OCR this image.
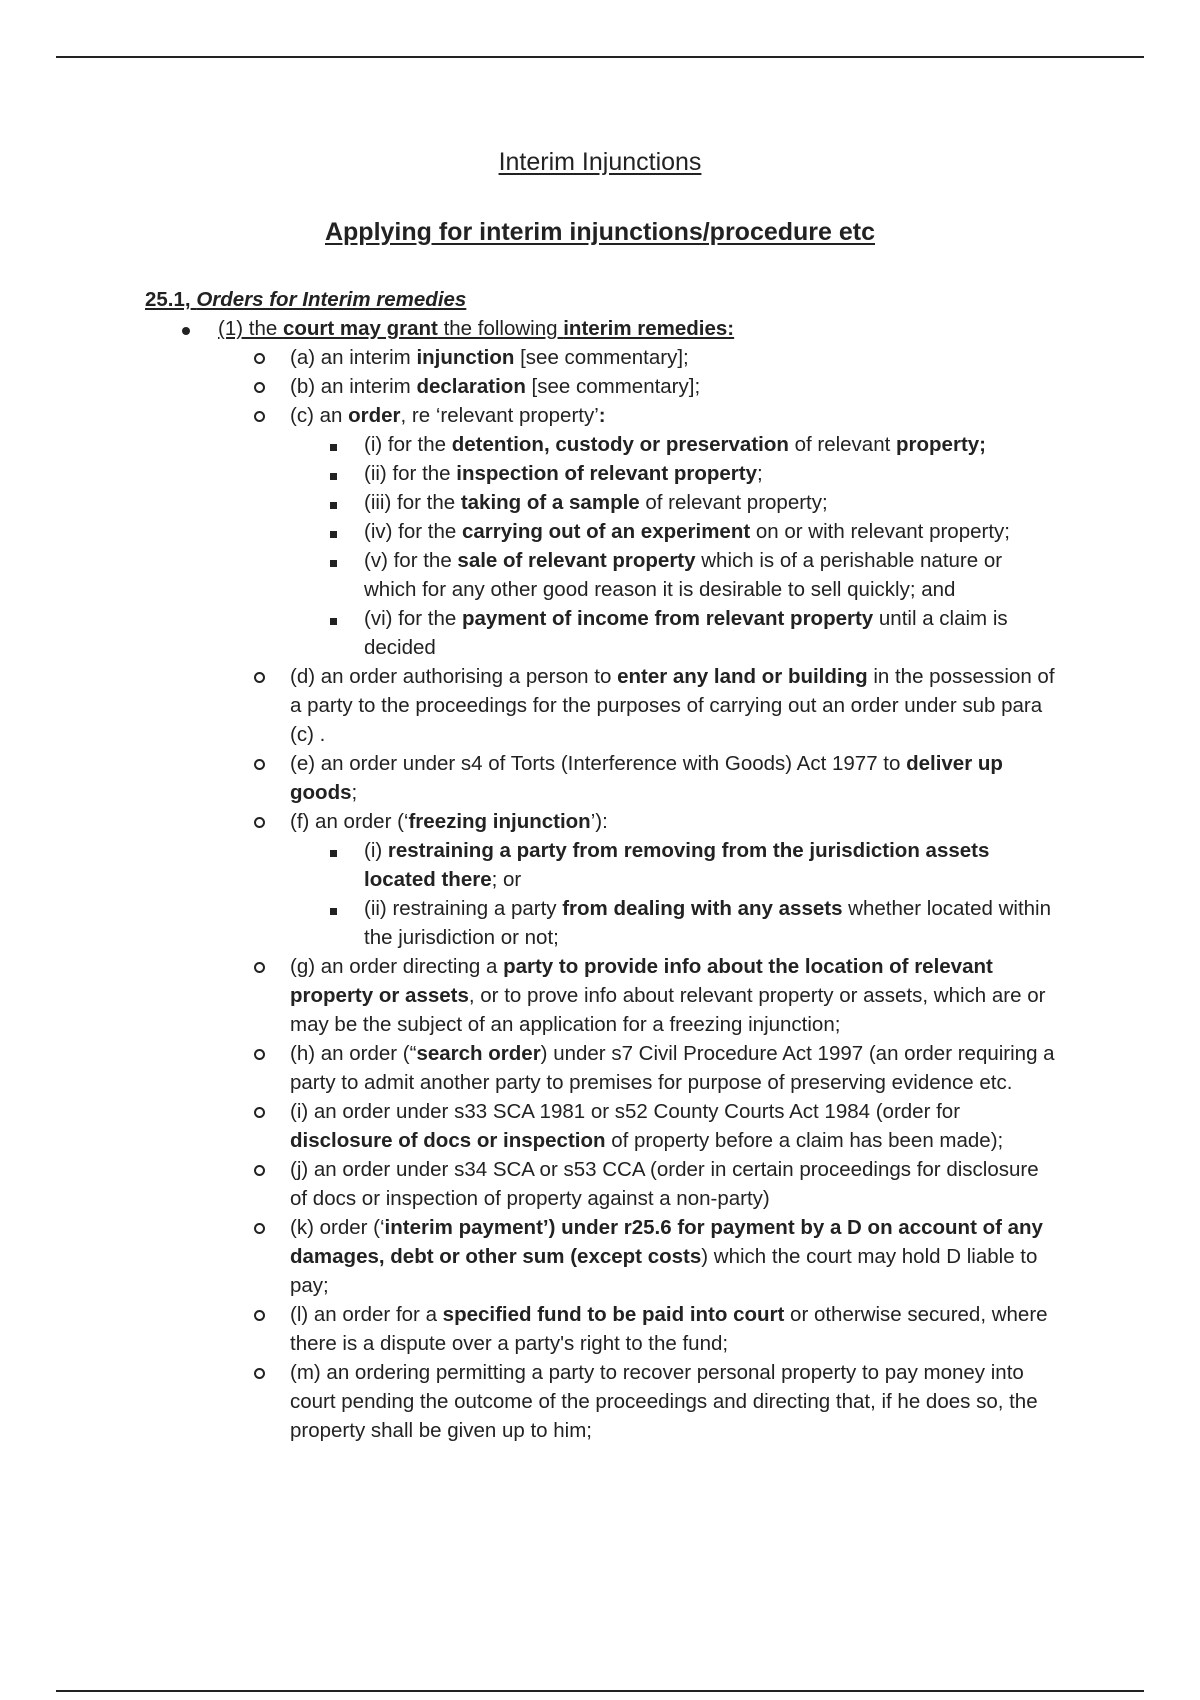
Interim Injunctions
Applying for interim injunctions/procedure etc
25.1, Orders for Interim remedies
(1) the court may grant the following interim remedies:
(a) an interim injunction [see commentary];
(b) an interim declaration [see commentary];
(c) an order, re ‘relevant property’:
(i) for the detention, custody or preservation of relevant property;
(ii) for the inspection of relevant property;
(iii) for the taking of a sample of relevant property;
(iv) for the carrying out of an experiment on or with relevant property;
(v) for the sale of relevant property which is of a perishable nature or which for any other good reason it is desirable to sell quickly; and
(vi) for the payment of income from relevant property until a claim is decided
(d) an order authorising a person to enter any land or building in the possession of a party to the proceedings for the purposes of carrying out an order under sub para (c) .
(e) an order under s4 of Torts (Interference with Goods) Act 1977 to deliver up goods;
(f) an order (‘freezing injunction’):
(i) restraining a party from removing from the jurisdiction assets located there; or
(ii) restraining a party from dealing with any assets whether located within the jurisdiction or not;
(g) an order directing a party to provide info about the location of relevant property or assets, or to prove info about relevant property or assets, which are or may be the subject of an application for a freezing injunction;
(h) an order (“search order) under s7 Civil Procedure Act 1997 (an order requiring a party to admit another party to premises for purpose of preserving evidence etc.
(i) an order under s33 SCA 1981 or s52 County Courts Act 1984 (order for disclosure of docs or inspection of property before a claim has been made);
(j) an order under s34 SCA or s53 CCA (order in certain proceedings for disclosure of docs or inspection of property against a non-party)
(k) order (‘interim payment’) under r25.6 for payment by a D on account of any damages, debt or other sum (except costs) which the court may hold D liable to pay;
(l) an order for a specified fund to be paid into court or otherwise secured, where there is a dispute over a party's right to the fund;
(m) an ordering permitting a party to recover personal property to pay money into court pending the outcome of the proceedings and directing that, if he does so, the property shall be given up to him;
